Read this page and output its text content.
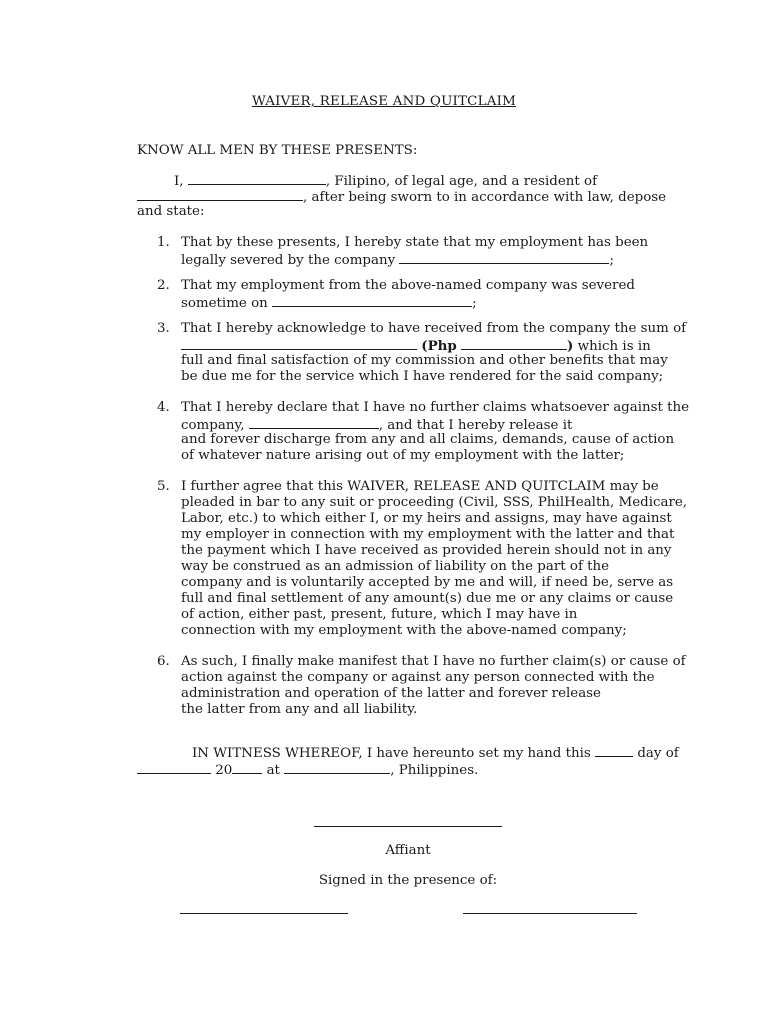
WAIVER, RELEASE AND QUITCLAIM
KNOW ALL MEN BY THESE PRESENTS:
I,	, Filipino, of legal age, and a resident of
, after being sworn to in accordance with law, depose
and state:
1. That by these presents, I hereby state that my employment has been
legally severed by the company	;
2. That my employment from the above-named company was severed
sometime on	;
3. That I hereby acknowledge to have received from the company the sum of
(Php	) which is in
full and final satisfaction of my commission and other benefits that may
be due me for the service which I have rendered for the said company;
4. That I hereby declare that I have no further claims whatsoever against the
company,	, and that I hereby release it
and forever discharge from any and all claims, demands, cause of action
of whatever nature arising out of my employment with the latter;
5. I further agree that this WAIVER, RELEASE AND QUITCLAIM may be
pleaded in bar to any suit or proceeding (Civil, SSS, PhilHealth, Medicare,
Labor, etc.) to which either I, or my heirs and assigns, may have against
my employer in connection with my employment with the latter and that
the payment which I have received as provided herein should not in any
way be construed as an admission of liability on the part of the
company and is voluntarily accepted by me and will, if need be, serve as
full and final settlement of any amount(s) due me or any claims or cause
of action, either past, present, future, which I may have in
connection with my employment with the above-named company;
6. As such, I finally make manifest that I have no further claim(s) or cause of
action against the company or against any person connected with the
administration and operation of the latter and forever release
the latter from any and all liability.
IN WITNESS WHEREOF, I have hereunto set my hand this	day of
20	at	, Philippines.
Affiant
Signed in the presence of:
